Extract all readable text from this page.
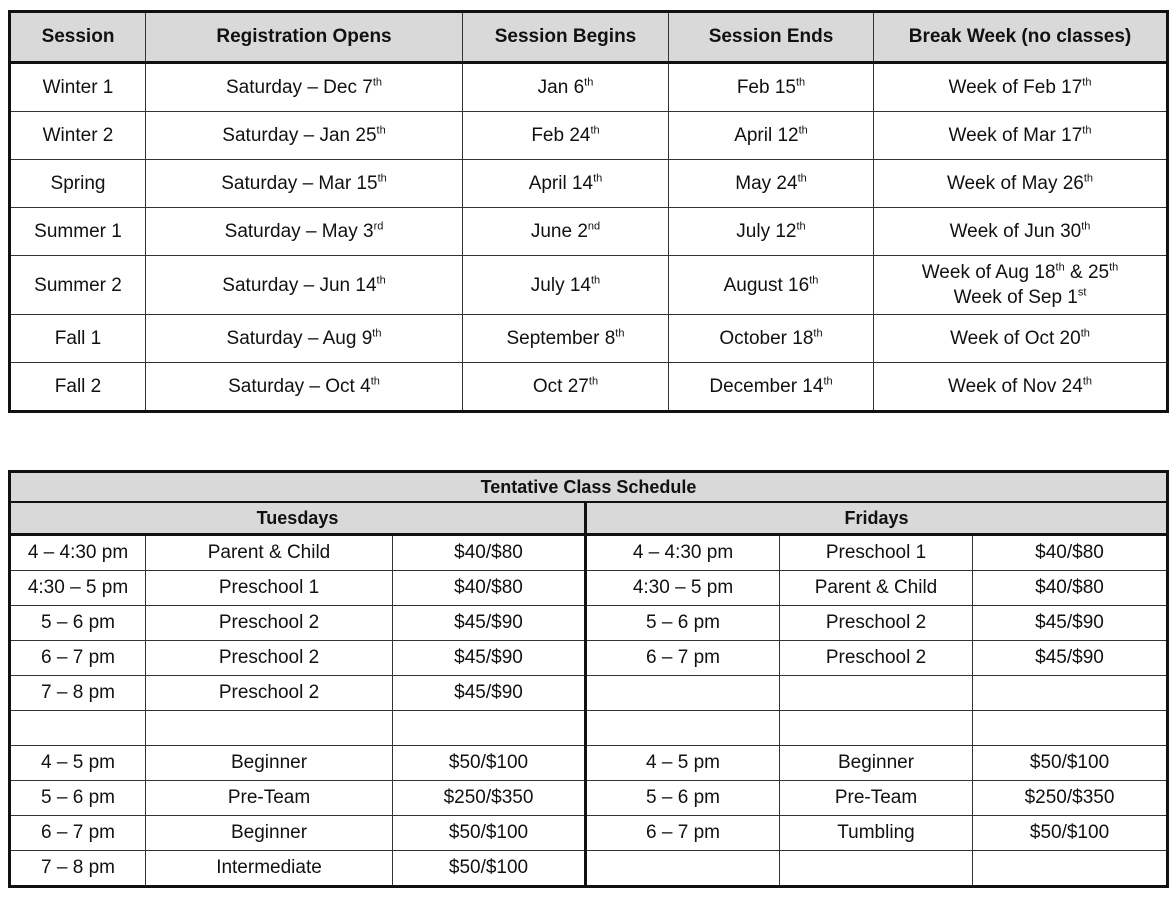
Session	Registration Opens	Session Begins	Session Ends	Break Week (no classes)
Winter 1	Saturday – Dec 7th	Jan 6th	Feb 15th	Week of Feb 17th

Winter 2	Saturday – Jan 25th	Feb 24th	April 12th	Week of Mar 17th

Spring	Saturday – Mar 15th	April 14th	May 24th	Week of May 26th

Summer 1	Saturday – May 3rd	June 2nd	July 12th	Week of Jun 30th

Summer 2	Saturday – Jun 14th	July 14th	August 16th	Week of Aug 18th & 25th
Week of Sep 1st

Fall 1	Saturday – Aug 9th	September 8th	October 18th	Week of Oct 20th

Fall 2	Saturday – Oct 4th	Oct 27th	December 14th	Week of Nov 24th
Tentative Class Schedule					
Tuesdays			Fridays		
4 – 4:30 pm	Parent & Child	$40/$80	4 – 4:30 pm	Preschool 1	$40/$80
4:30 – 5 pm	Preschool 1	$40/$80	4:30 – 5 pm	Parent & Child	$40/$80
5 – 6 pm	Preschool 2	$45/$90	5 – 6 pm	Preschool 2	$45/$90
6 – 7 pm	Preschool 2	$45/$90	6 – 7 pm	Preschool 2	$45/$90
7 – 8 pm	Preschool 2	$45/$90			

4 – 5 pm	Beginner	$50/$100	4 – 5 pm	Beginner	$50/$100
5 – 6 pm	Pre-Team	$250/$350	5 – 6 pm	Pre-Team	$250/$350
6 – 7 pm	Beginner	$50/$100	6 – 7 pm	Tumbling	$50/$100
7 – 8 pm	Intermediate	$50/$100			
